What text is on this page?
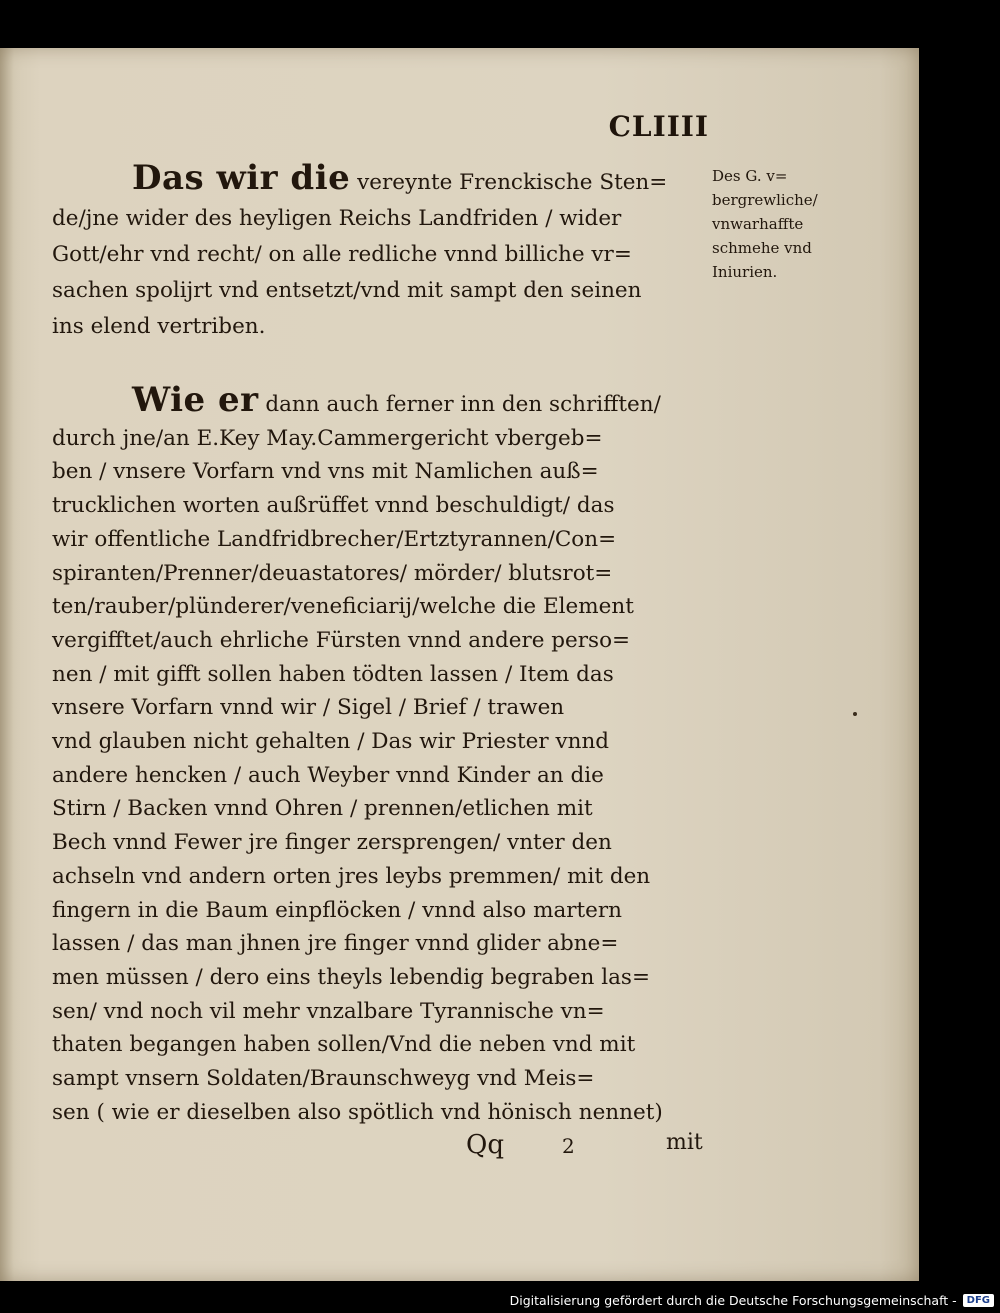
CLIIII
Das wir die vereynte Frenckische Sten=
de/jne wider des heyligen Reichs Landfriden / wider
Gott/ehr vnd recht/ on alle redliche vnnd billiche vr=
sachen spolijrt vnd entsetzt/vnd mit sampt den seinen
ins elend vertriben.
Des G. v=
bergrewliche/
vnwarhaffte
schmehe vnd
Iniurien.
Wie er dann auch ferner inn den schrifften/
durch jne/an E.Key May.Cammergericht vbergeb=
ben / vnsere Vorfarn vnd vns mit Namlichen auß=
trucklichen worten außrüffet vnnd beschuldigt/ das
wir offentliche Landfridbrecher/Ertztyrannen/Con=
spiranten/Prenner/deuastatores/ mörder/ blutsrot=
ten/rauber/plünderer/veneficiarij/welche die Element
vergifftet/auch ehrliche Fürsten vnnd andere perso=
nen / mit gifft sollen haben tödten lassen / Item das
vnsere Vorfarn vnnd wir / Sigel / Brief / trawen
vnd glauben nicht gehalten / Das wir Priester vnnd
andere hencken / auch Weyber vnnd Kinder an die
Stirn / Backen vnnd Ohren / prennen/etlichen mit
Bech vnnd Fewer jre finger zersprengen/ vnter den
achseln vnd andern orten jres leybs premmen/ mit den
fingern in die Baum einpflöcken / vnnd also martern
lassen / das man jhnen jre finger vnnd glider abne=
men müssen / dero eins theyls lebendig begraben las=
sen/ vnd noch vil mehr vnzalbare Tyrannische vn=
thaten begangen haben sollen/Vnd die neben vnd mit
sampt vnsern Soldaten/Braunschweyg vnd Meis=
sen ( wie er dieselben also spötlich vnd hönisch nennet)
Qq	2	mit
Digitalisierung gefördert durch die Deutsche Forschungsgemeinschaft -	DFG
